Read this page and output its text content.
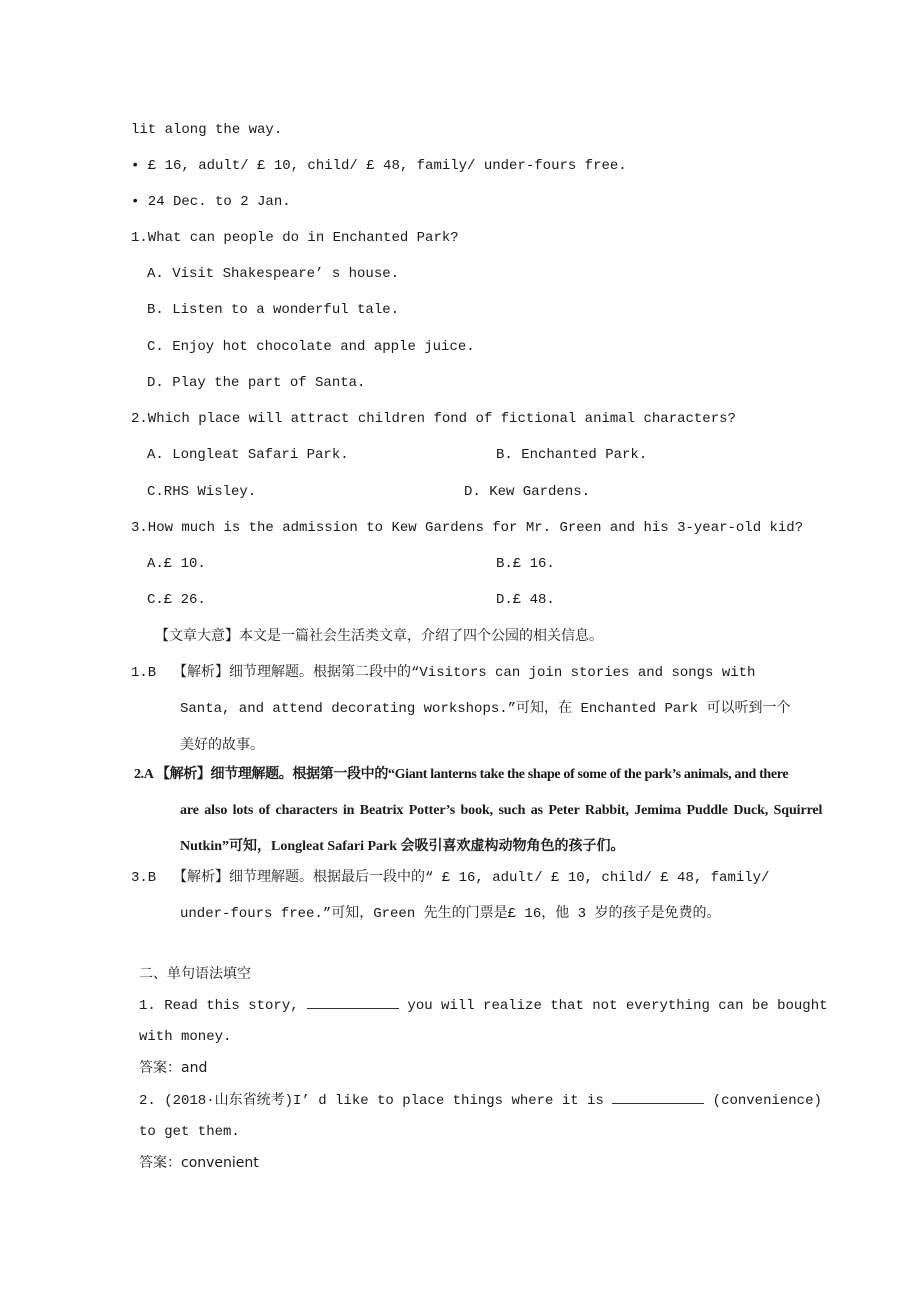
lit along the way.
• £ 16, adult/ £ 10, child/ £ 48, family/ under-fours free.
• 24 Dec. to 2 Jan.
1.What can people do in Enchanted Park?
A. Visit Shakespeare’ s house.
B. Listen to a wonderful tale.
C. Enjoy hot chocolate and apple juice.
D. Play the part of Santa.
2.Which place will attract children fond of fictional animal characters?
A. Longleat Safari Park.	B. Enchanted Park.
C.RHS Wisley.	D. Kew Gardens.
3.How much is the admission to Kew Gardens for Mr. Green and his 3-year-old kid?
A.£ 10.	B.£ 16.
C.£ 26.	D.£ 48.
【文章大意】本文是一篇社会生活类文章，介绍了四个公园的相关信息。
1.B  【解析】细节理解题。根据第二段中的“Visitors can join stories and songs with
Santa, and attend decorating workshops.”可知，在 Enchanted Park 可以听到一个
美好的故事。
2.A 【解析】细节理解题。根据第一段中的“Giant lanterns take the shape of some of the park’s animals, and there
are also lots of characters in Beatrix Potter’s book, such as Peter Rabbit, Jemima Puddle Duck, Squirrel
Nutkin”可知，Longleat Safari Park 会吸引喜欢虚构动物角色的孩子们。
3.B  【解析】细节理解题。根据最后一段中的“ £ 16, adult/ £ 10, child/ £ 48, family/
under-fours free.”可知，Green 先生的门票是£ 16，他 3 岁的孩子是免费的。
二、单句语法填空
1. Read this story,	you will realize that not everything can be bought
with money.
答案：and
2. (2018·山东省统考)I’ d like to place things where it is	(convenience)
to get them.
答案：convenient
